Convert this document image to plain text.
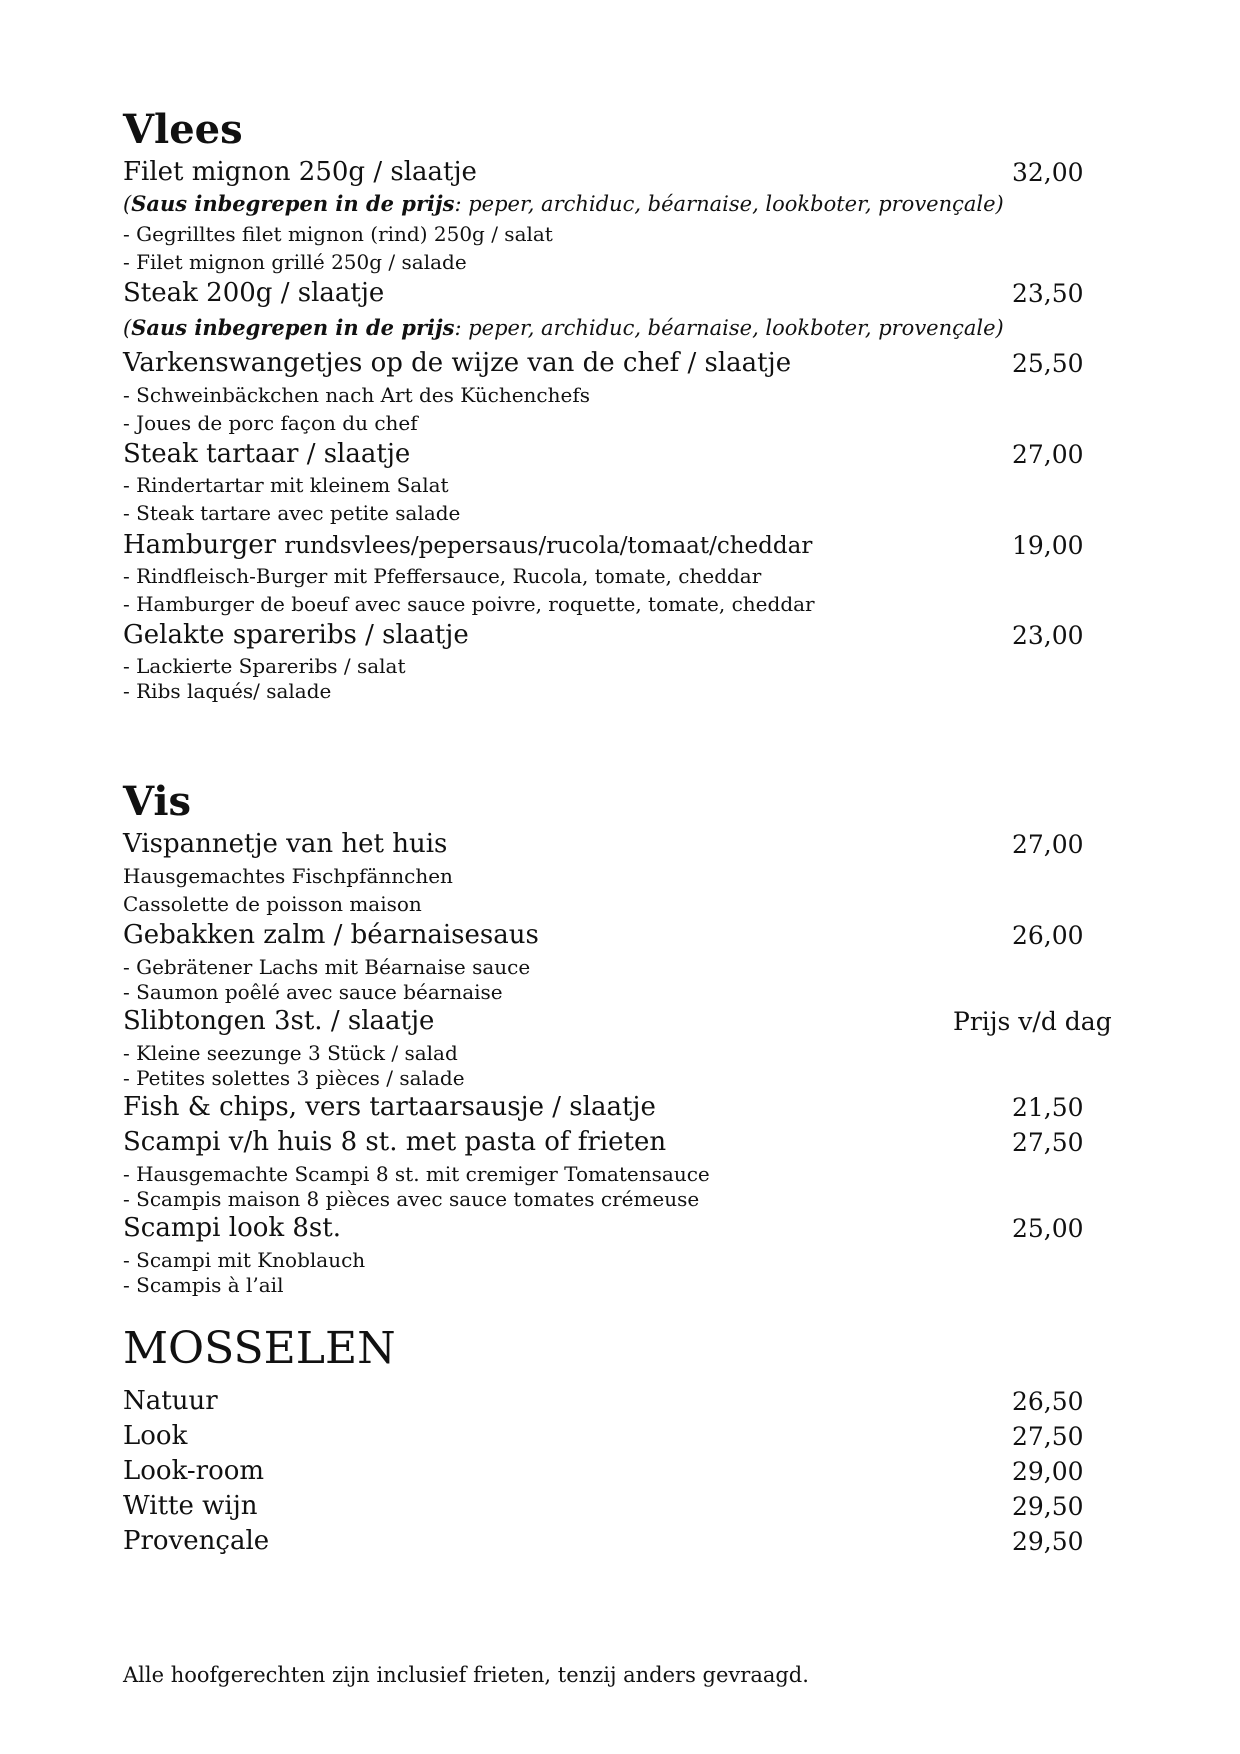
Vlees
Filet mignon 250g / slaatje	32,00
(Saus inbegrepen in de prijs: peper, archiduc, béarnaise, lookboter, provençale)
- Gegrilltes filet mignon (rind) 250g / salat
- Filet mignon grillé 250g / salade
Steak 200g / slaatje	23,50
(Saus inbegrepen in de prijs: peper, archiduc, béarnaise, lookboter, provençale)
Varkenswangetjes op de wijze van de chef / slaatje	25,50
- Schweinbäckchen nach Art des Küchenchefs
- Joues de porc façon du chef
Steak tartaar / slaatje	27,00
- Rindertartar mit kleinem Salat
- Steak tartare avec petite salade
Hamburger rundsvlees/pepersaus/rucola/tomaat/cheddar	19,00
- Rindfleisch-Burger mit Pfeffersauce, Rucola, tomate, cheddar
- Hamburger de boeuf avec sauce poivre, roquette, tomate, cheddar
Gelakte spareribs / slaatje	23,00
- Lackierte Spareribs / salat
- Ribs laqués/ salade
Vis
Vispannetje van het huis	27,00
Hausgemachtes Fischpfännchen
Cassolette de poisson maison
Gebakken zalm / béarnaisesaus	26,00
- Gebrätener Lachs mit Béarnaise sauce
- Saumon poêlé avec sauce béarnaise
Slibtongen 3st. / slaatje	Prijs v/d dag
- Kleine seezunge 3 Stück / salad
- Petites solettes 3 pièces / salade
Fish & chips, vers tartaarsausje / slaatje	21,50
Scampi v/h huis 8 st. met pasta of frieten	27,50
- Hausgemachte Scampi 8 st. mit cremiger Tomatensauce
- Scampis maison 8 pièces avec sauce tomates crémeuse
Scampi look 8st.	25,00
- Scampi mit Knoblauch
- Scampis à l’ail
MOSSELEN
Natuur	26,50
Look	27,50
Look-room	29,00
Witte wijn	29,50
Provençale	29,50
Alle hoofgerechten zijn inclusief frieten, tenzij anders gevraagd.
